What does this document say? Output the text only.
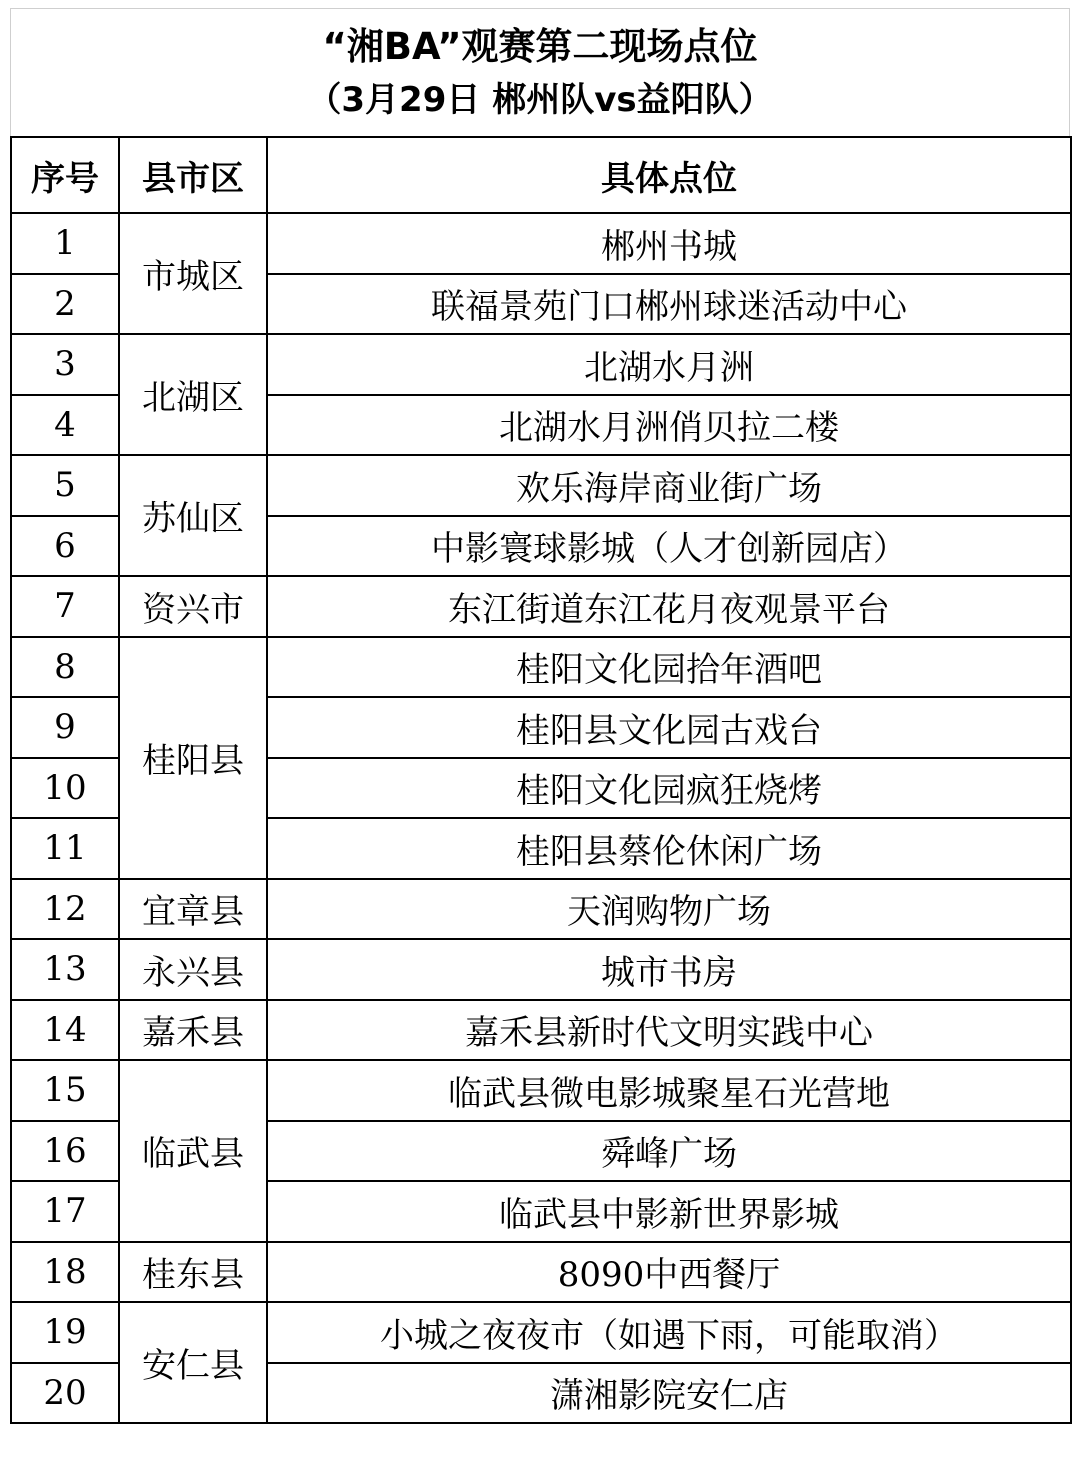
“湘BA”观赛第二现场点位
（3月29日 郴州队vs益阳队）
序号	县市区	具体点位
1	市城区	郴州书城
2		联福景苑门口郴州球迷活动中心
3	北湖区	北湖水月洲
4		北湖水月洲俏贝拉二楼
5	苏仙区	欢乐海岸商业街广场
6		中影寰球影城（人才创新园店）
7	资兴市	东江街道东江花月夜观景平台
8	桂阳县	桂阳文化园拾年酒吧
9		桂阳县文化园古戏台
10		桂阳文化园疯狂烧烤
11		桂阳县蔡伦休闲广场
12	宜章县	天润购物广场
13	永兴县	城市书房
14	嘉禾县	嘉禾县新时代文明实践中心
15	临武县	临武县微电影城聚星石光营地
16		舜峰广场
17		临武县中影新世界影城
18	桂东县	8090中西餐厅
19	安仁县	小城之夜夜市（如遇下雨，可能取消）
20		潇湘影院安仁店
